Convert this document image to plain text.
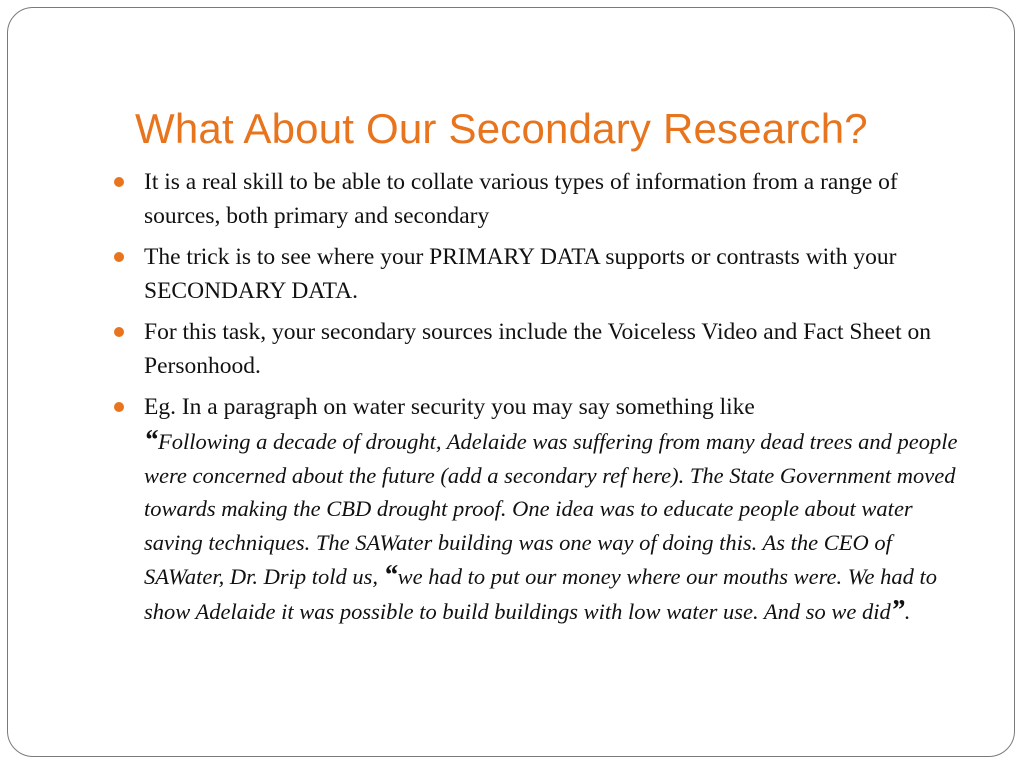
What About Our Secondary Research?
It is a real skill to be able to collate various types of information from a range of sources, both primary and secondary
The trick is to see where your PRIMARY DATA supports or contrasts with your SECONDARY DATA.
For this task, your secondary sources include the Voiceless Video and Fact Sheet on Personhood.
Eg. In a paragraph on water security you may say something like
“Following a decade of drought, Adelaide was suffering from many dead trees and people were concerned about the future (add a secondary ref here). The State Government moved towards making the CBD drought proof. One idea was to educate people about water saving techniques. The SAWater building was one way of doing this. As the CEO of SAWater, Dr. Drip told us, “we had to put our money where our mouths were. We had to show Adelaide it was possible to build buildings with low water use. And so we did”.
